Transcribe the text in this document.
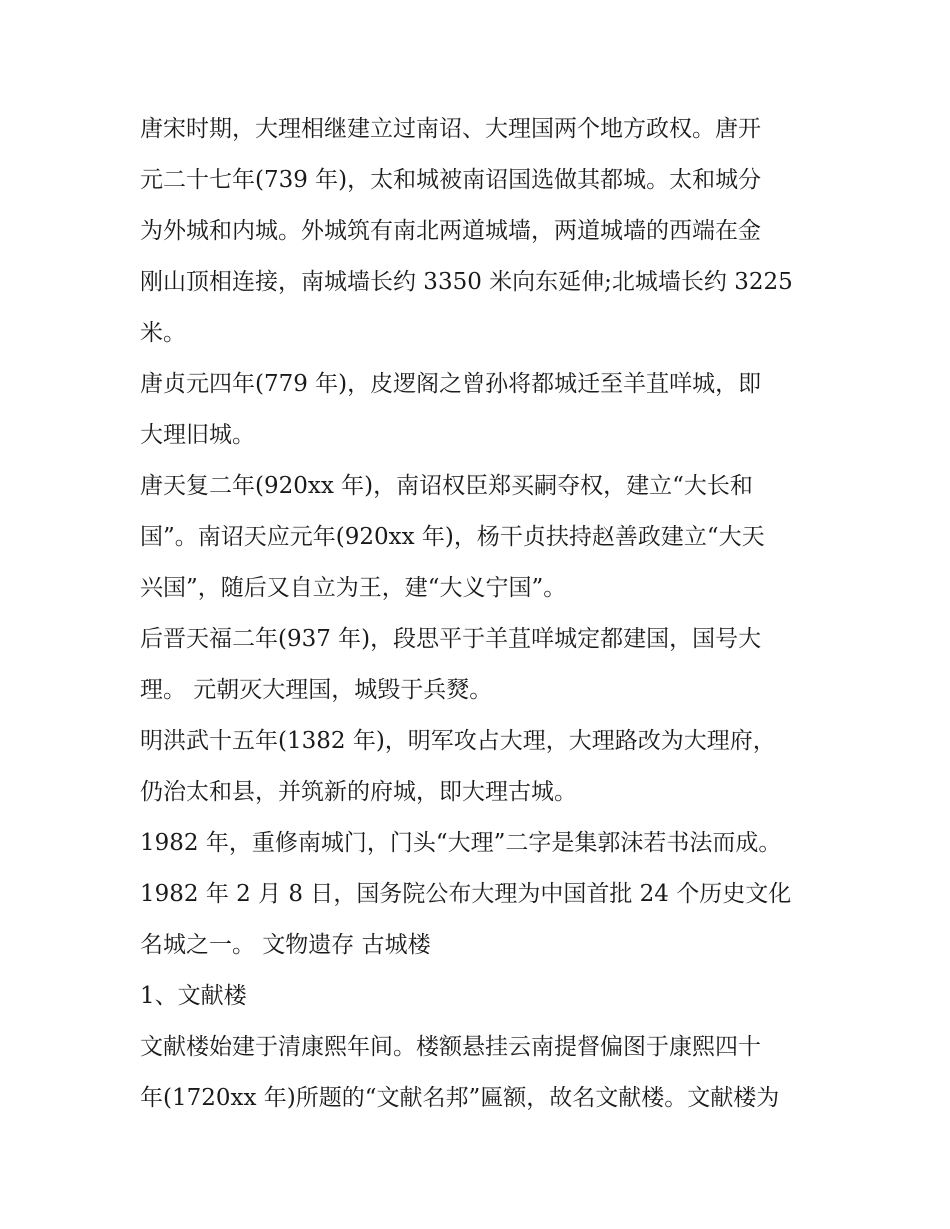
唐宋时期，大理相继建立过南诏、大理国两个地方政权。唐开
元二十七年(739 年)，太和城被南诏国选做其都城。太和城分
为外城和内城。外城筑有南北两道城墙，两道城墙的西端在金
刚山顶相连接，南城墙长约 3350 米向东延伸;北城墙长约 3225
米。
唐贞元四年(779 年)，皮逻阁之曾孙将都城迁至羊苴咩城，即
大理旧城。
唐天复二年(920xx 年)，南诏权臣郑买嗣夺权，建立“大长和
国”。南诏天应元年(920xx 年)，杨干贞扶持赵善政建立“大天
兴国”，随后又自立为王，建“大义宁国”。
后晋天福二年(937 年)，段思平于羊苴咩城定都建国，国号大
理。 元朝灭大理国，城毁于兵燹。
明洪武十五年(1382 年)，明军攻占大理，大理路改为大理府，
仍治太和县，并筑新的府城，即大理古城。
1982 年，重修南城门，门头“大理”二字是集郭沫若书法而成。
1982 年 2 月 8 日，国务院公布大理为中国首批 24 个历史文化
名城之一。 文物遗存 古城楼
1、文献楼
文献楼始建于清康熙年间。楼额悬挂云南提督偏图于康熙四十
年(1720xx 年)所题的“文献名邦”匾额，故名文献楼。文献楼为
